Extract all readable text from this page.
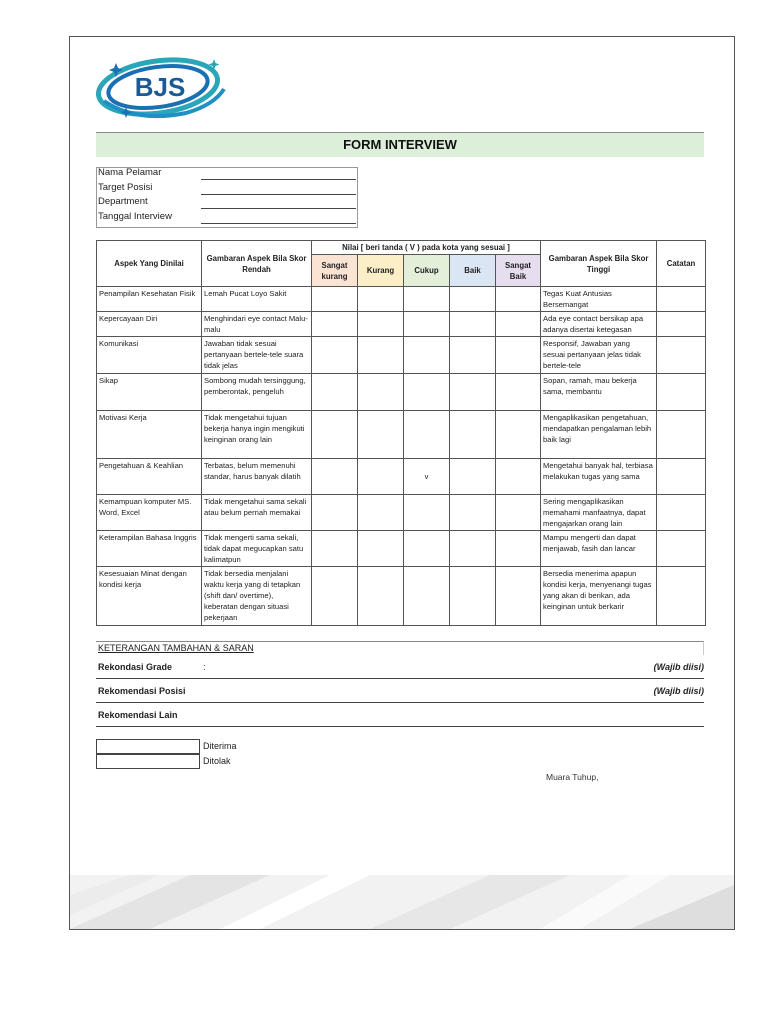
BJS
FORM INTERVIEW
Nama Pelamar
Target Posisi
Department
Tanggal Interview
Aspek Yang Dinilai	Gambaran Aspek Bila Skor Rendah	Nilai [ beri tanda ( V ) pada kota yang sesuai ]					Gambaran Aspek Bila Skor Tinggi	Catatan
		Sangat kurang	Kurang	Cukup	Baik	Sangat Baik		
Penampilan Kesehatan Fisik	Lemah Pucat Loyo Sakit						Tegas Kuat Antusias Bersemangat	
Kepercayaan Diri	Menghindari eye contact Malu-malu						Ada eye contact bersikap apa adanya disertai ketegasan	
Komunikasi	Jawaban tidak sesuai pertanyaan bertele-tele suara tidak jelas						Responsif, Jawaban yang sesuai pertanyaan jelas tidak bertele-tele	
Sikap	Sombong mudah tersinggung, pemberontak, pengeluh						Sopan, ramah, mau bekerja sama, membantu	
Motivasi Kerja	Tidak mengetahui tujuan bekerja hanya ingin mengikuti keinginan orang lain						Mengaplikasikan pengetahuan, mendapatkan pengalaman lebih baik lagi	
Pengetahuan & Keahlian	Terbatas, belum memenuhi standar, harus banyak dilatih			v			Mengetahui banyak hal, terbiasa melakukan tugas yang sama	
Kemampuan komputer MS. Word, Excel	Tidak mengetahui sama sekali atau belum pernah memakai						Sering mengaplikasikan memahami manfaatnya, dapat mengajarkan orang lain	
Keterampilan Bahasa Inggris	Tidak mengerti sama sekali, tidak dapat megucapkan satu kalimatpun						Mampu mengerti dan dapat menjawab, fasih dan lancar	
Kesesuaian Minat dengan kondisi kerja	Tidak bersedia menjalani waktu kerja yang di tetapkan (shift dan/ overtime), keberatan dengan situasi pekerjaan						Bersedia menerima apapun kondisi kerja, menyenangi tugas yang akan di berikan, ada keinginan untuk berkarir	
KETERANGAN TAMBAHAN & SARAN
Rekondasi Grade	:	(Wajib diisi)
Rekomendasi Posisi	(Wajib diisi)
Rekomendasi Lain
Diterima
Ditolak
Muara Tuhup,
